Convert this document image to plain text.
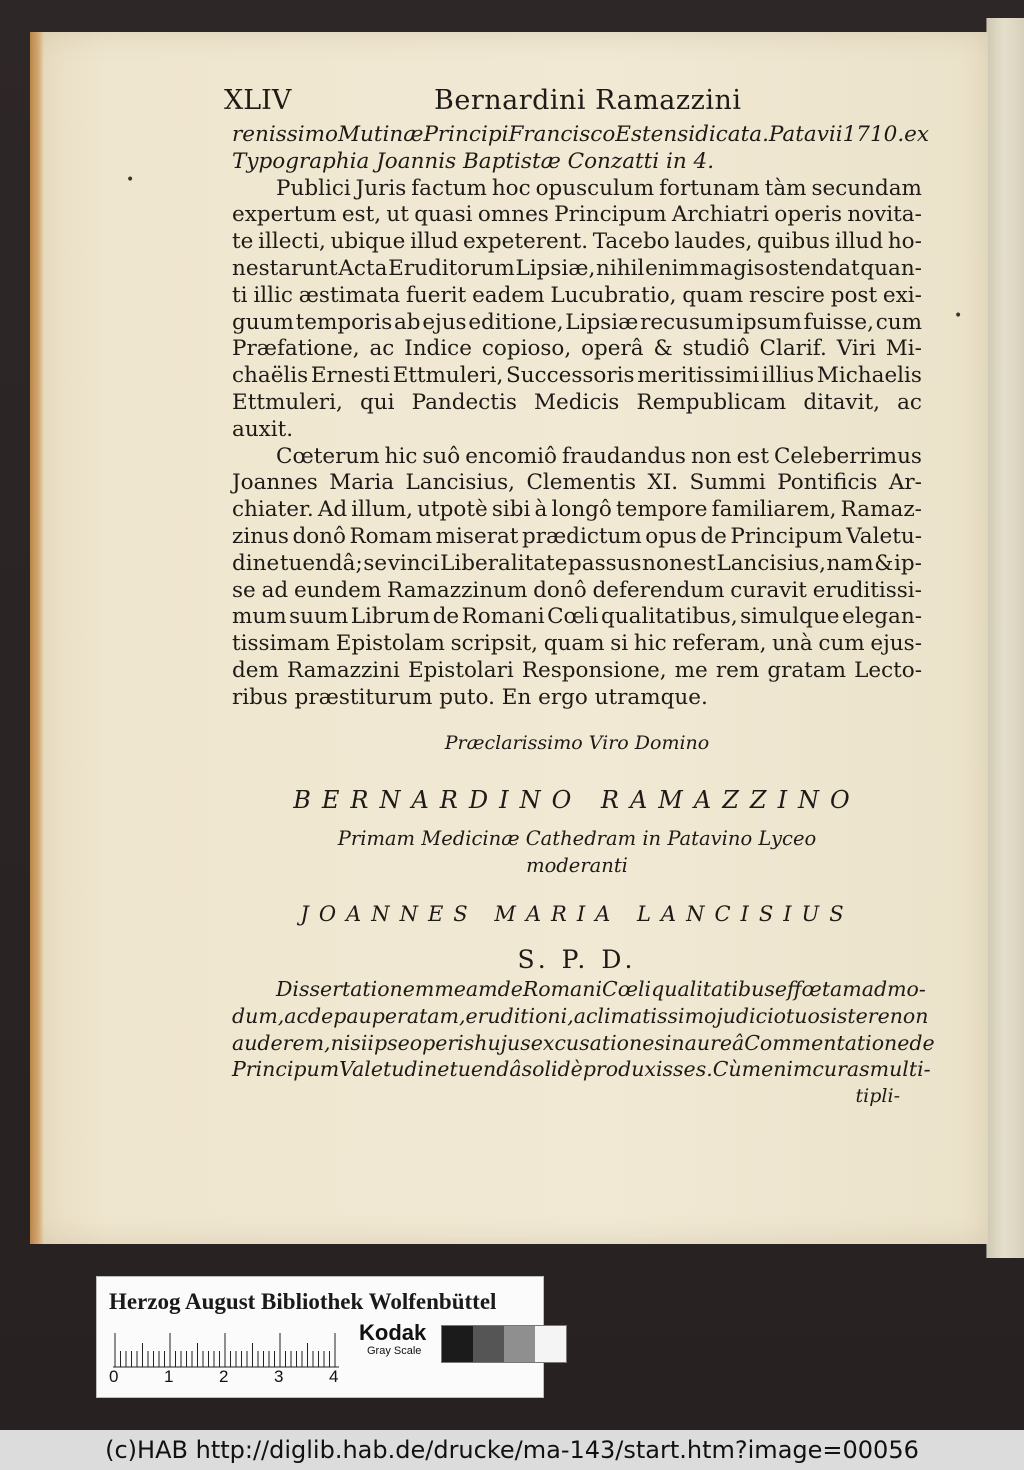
•
•
XLIV	Bernardini Ramazzini
renissimo Mutinæ Principi Francisco Estensi dicata. Patavii 1710. ex
Typographia Joannis Baptistæ Conzatti in 4.
Publici Juris factum hoc opusculum fortunam tàm secundam
expertum est, ut quasi omnes Principum Archiatri operis novita-
te illecti, ubique illud expeterent. Tacebo laudes, quibus illud ho-
nestarunt Acta Eruditorum Lipsiæ, nihil enim magis ostendat quan-
ti illic æstimata fuerit eadem Lucubratio, quam rescire post exi-
guum temporis ab ejus editione, Lipsiæ recusum ipsum fuisse, cum
Præfatione, ac Indice copioso, operâ & studiô Clarif. Viri Mi-
chaëlis Ernesti Ettmuleri, Successoris meritissimi illius Michaelis
Ettmuleri, qui Pandectis Medicis Rempublicam ditavit, ac
auxit.
Cœterum hic suô encomiô fraudandus non est Celeberrimus
Joannes Maria Lancisius, Clementis XI. Summi Pontificis Ar-
chiater. Ad illum, utpotè sibi à longô tempore familiarem, Ramaz-
zinus donô Romam miserat prædictum opus de Principum Valetu-
dine tuendâ; se vinci Liberalitate passus non est Lancisius, nam & ip-
se ad eundem Ramazzinum donô deferendum curavit eruditissi-
mum suum Librum de Romani Cœli qualitatibus, simulque elegan-
tissimam Epistolam scripsit, quam si hic referam, unà cum ejus-
dem Ramazzini Epistolari Responsione, me rem gratam Lecto-
ribus præstiturum puto. En ergo utramque.
Præclarissimo Viro Domino
BERNARDINO RAMAZZINO
Primam Medicinæ Cathedram in Patavino Lyceo
moderanti
JOANNES MARIA LANCISIUS
S. P. D.
Dissertationem meam de Romani Cœli qualitatibus effœtam admo-
dum, ac depauperatam, eruditioni, ac limatissimo judicio tuo sistere non
auderem, nisi ipse operis hujus excusationes in aureâ Commentatione de
Principum Valetudine tuendâ solidè produxisses. Cùm enim curas multi-
tipli-
Herzog August Bibliothek Wolfenbüttel
0	1	2	3	4
Kodak
Gray Scale
(c)HAB http://diglib.hab.de/drucke/ma-143/start.htm?image=00056
